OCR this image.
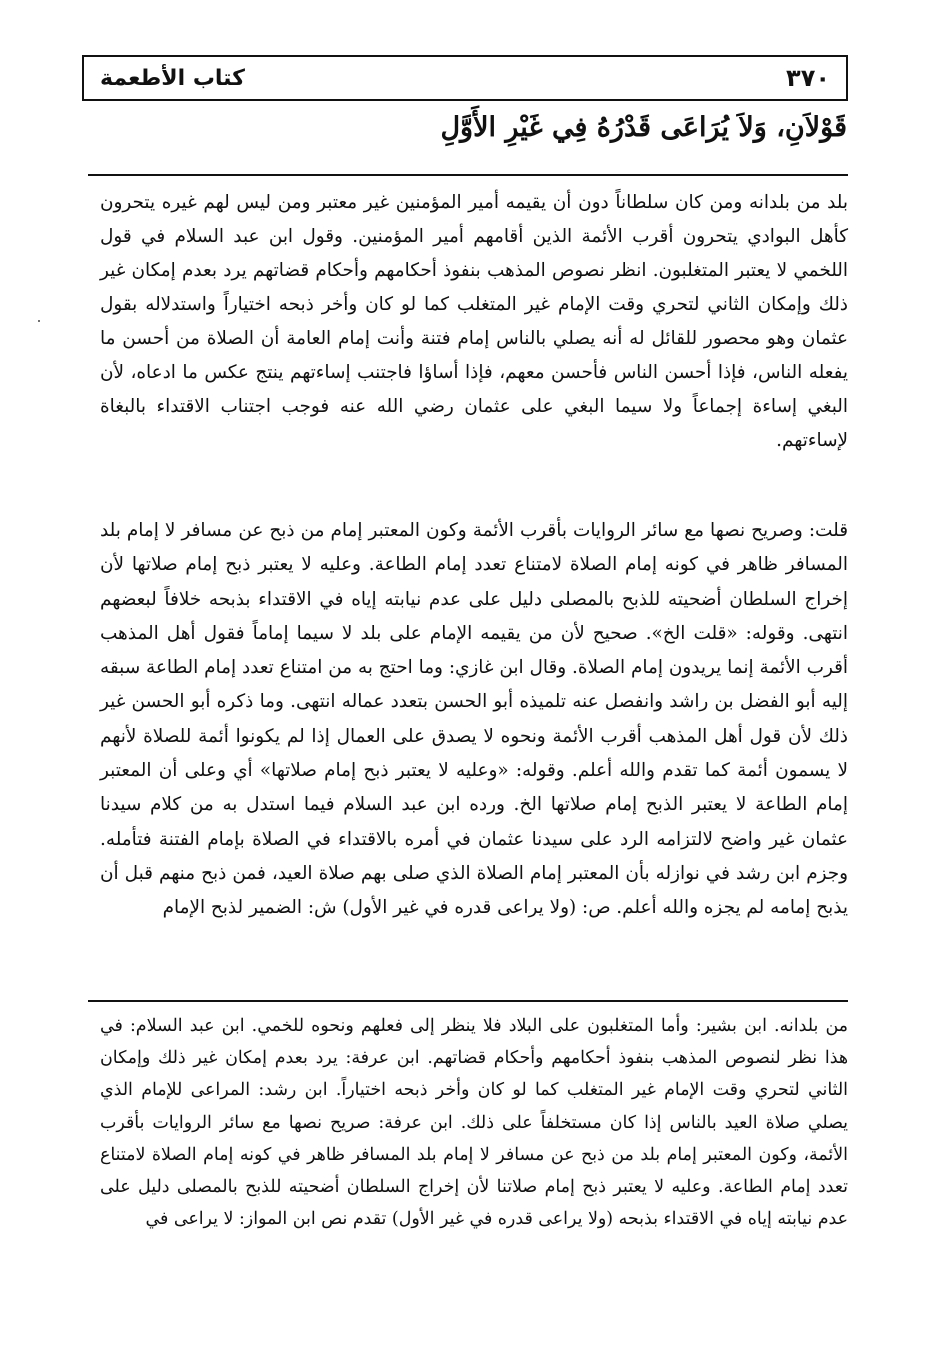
كتاب الأطعمة	٣٧٠
قَوْلاَنِ، وَلاَ يُرَاعَى قَدْرُهُ فِي غَيْرِ الأَوَّلِ
بلد من بلدانه ومن كان سلطاناً دون أن يقيمه أمير المؤمنين غير معتبر ومن ليس لهم غيره يتحرون كأهل البوادي يتحرون أقرب الأئمة الذين أقامهم أمير المؤمنين. وقول ابن عبد السلام في قول اللخمي لا يعتبر المتغلبون. انظر نصوص المذهب بنفوذ أحكامهم وأحكام قضاتهم يرد بعدم إمكان غير ذلك وإمكان الثاني لتحري وقت الإمام غير المتغلب كما لو كان وأخر ذبحه اختياراً واستدلاله بقول عثمان وهو محصور للقائل له أنه يصلي بالناس إمام فتنة وأنت إمام العامة أن الصلاة من أحسن ما يفعله الناس، فإذا أحسن الناس فأحسن معهم، فإذا أساؤا فاجتنب إساءتهم ينتج عكس ما ادعاه، لأن البغي إساءة إجماعاً ولا سيما البغي على عثمان رضي الله عنه فوجب اجتناب الاقتداء بالبغاة لإساءتهم.
قلت: وصريح نصها مع سائر الروايات بأقرب الأئمة وكون المعتبر إمام من ذبح عن مسافر لا إمام بلد المسافر ظاهر في كونه إمام الصلاة لامتناع تعدد إمام الطاعة. وعليه لا يعتبر ذبح إمام صلاتها لأن إخراج السلطان أضحيته للذبح بالمصلى دليل على عدم نيابته إياه في الاقتداء بذبحه خلافاً لبعضهم انتهى. وقوله: «قلت الخ». صحيح لأن من يقيمه الإمام على بلد لا سيما إماماً فقول أهل المذهب أقرب الأئمة إنما يريدون إمام الصلاة. وقال ابن غازي: وما احتج به من امتناع تعدد إمام الطاعة سبقه إليه أبو الفضل بن راشد وانفصل عنه تلميذه أبو الحسن بتعدد عماله انتهى. وما ذكره أبو الحسن غير ذلك لأن قول أهل المذهب أقرب الأئمة ونحوه لا يصدق على العمال إذا لم يكونوا أئمة للصلاة لأنهم لا يسمون أئمة كما تقدم والله أعلم. وقوله: «وعليه لا يعتبر ذبح إمام صلاتها» أي وعلى أن المعتبر إمام الطاعة لا يعتبر الذبح إمام صلاتها الخ. ورده ابن عبد السلام فيما استدل به من كلام سيدنا عثمان غير واضح لالتزامه الرد على سيدنا عثمان في أمره بالاقتداء في الصلاة بإمام الفتنة فتأمله. وجزم ابن رشد في نوازله بأن المعتبر إمام الصلاة الذي صلى بهم صلاة العيد، فمن ذبح منهم قبل أن يذبح إمامه لم يجزه والله أعلم. ص: (ولا يراعى قدره في غير الأول) ش: الضمير لذبح الإمام
من بلدانه. ابن بشير: وأما المتغلبون على البلاد فلا ينظر إلى فعلهم ونحوه للخمي. ابن عبد السلام: في هذا نظر لنصوص المذهب بنفوذ أحكامهم وأحكام قضاتهم. ابن عرفة: يرد بعدم إمكان غير ذلك وإمكان الثاني لتحري وقت الإمام غير المتغلب كما لو كان وأخر ذبحه اختياراً. ابن رشد: المراعى للإمام الذي يصلي صلاة العيد بالناس إذا كان مستخلفاً على ذلك. ابن عرفة: صريح نصها مع سائر الروايات بأقرب الأئمة، وكون المعتبر إمام بلد من ذبح عن مسافر لا إمام بلد المسافر ظاهر في كونه إمام الصلاة لامتناع تعدد إمام الطاعة. وعليه لا يعتبر ذبح إمام صلاتنا لأن إخراج السلطان أضحيته للذبح بالمصلى دليل على عدم نيابته إياه في الاقتداء بذبحه (ولا يراعى قدره في غير الأول) تقدم نص ابن المواز: لا يراعى في
